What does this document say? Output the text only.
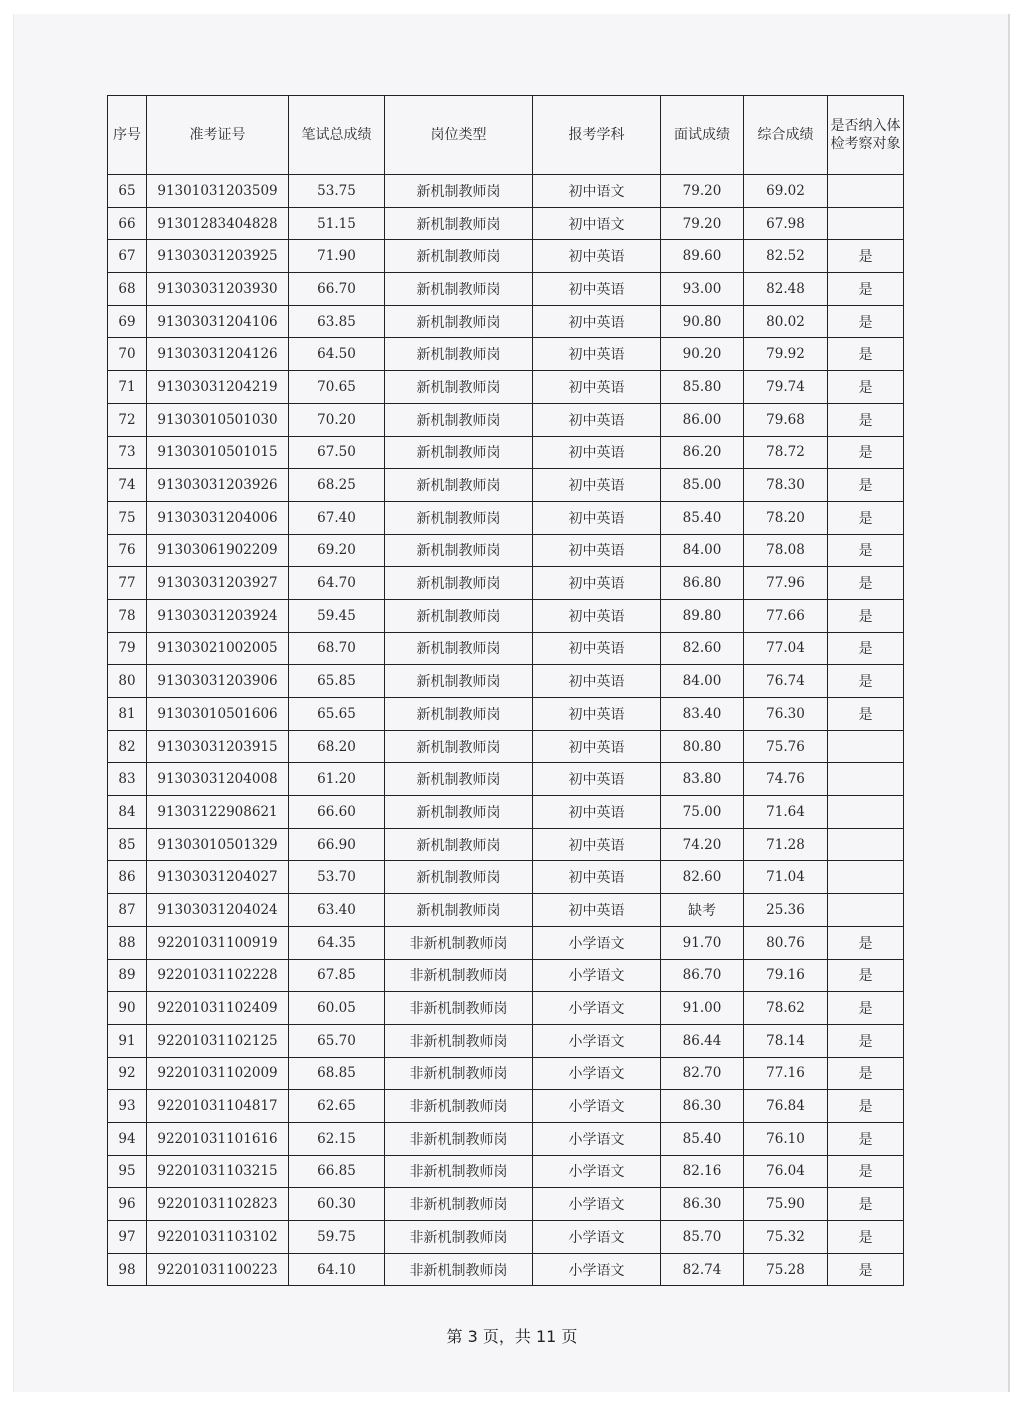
序号	准考证号	笔试总成绩	岗位类型	报考学科	面试成绩	综合成绩	是否纳入体检考察对象
65	91301031203509	53.75	新机制教师岗	初中语文	79.20	69.02	
66	91301283404828	51.15	新机制教师岗	初中语文	79.20	67.98	
67	91303031203925	71.90	新机制教师岗	初中英语	89.60	82.52	是
68	91303031203930	66.70	新机制教师岗	初中英语	93.00	82.48	是
69	91303031204106	63.85	新机制教师岗	初中英语	90.80	80.02	是
70	91303031204126	64.50	新机制教师岗	初中英语	90.20	79.92	是
71	91303031204219	70.65	新机制教师岗	初中英语	85.80	79.74	是
72	91303010501030	70.20	新机制教师岗	初中英语	86.00	79.68	是
73	91303010501015	67.50	新机制教师岗	初中英语	86.20	78.72	是
74	91303031203926	68.25	新机制教师岗	初中英语	85.00	78.30	是
75	91303031204006	67.40	新机制教师岗	初中英语	85.40	78.20	是
76	91303061902209	69.20	新机制教师岗	初中英语	84.00	78.08	是
77	91303031203927	64.70	新机制教师岗	初中英语	86.80	77.96	是
78	91303031203924	59.45	新机制教师岗	初中英语	89.80	77.66	是
79	91303021002005	68.70	新机制教师岗	初中英语	82.60	77.04	是
80	91303031203906	65.85	新机制教师岗	初中英语	84.00	76.74	是
81	91303010501606	65.65	新机制教师岗	初中英语	83.40	76.30	是
82	91303031203915	68.20	新机制教师岗	初中英语	80.80	75.76	
83	91303031204008	61.20	新机制教师岗	初中英语	83.80	74.76	
84	91303122908621	66.60	新机制教师岗	初中英语	75.00	71.64	
85	91303010501329	66.90	新机制教师岗	初中英语	74.20	71.28	
86	91303031204027	53.70	新机制教师岗	初中英语	82.60	71.04	
87	91303031204024	63.40	新机制教师岗	初中英语	缺考	25.36	
88	92201031100919	64.35	非新机制教师岗	小学语文	91.70	80.76	是
89	92201031102228	67.85	非新机制教师岗	小学语文	86.70	79.16	是
90	92201031102409	60.05	非新机制教师岗	小学语文	91.00	78.62	是
91	92201031102125	65.70	非新机制教师岗	小学语文	86.44	78.14	是
92	92201031102009	68.85	非新机制教师岗	小学语文	82.70	77.16	是
93	92201031104817	62.65	非新机制教师岗	小学语文	86.30	76.84	是
94	92201031101616	62.15	非新机制教师岗	小学语文	85.40	76.10	是
95	92201031103215	66.85	非新机制教师岗	小学语文	82.16	76.04	是
96	92201031102823	60.30	非新机制教师岗	小学语文	86.30	75.90	是
97	92201031103102	59.75	非新机制教师岗	小学语文	85.70	75.32	是
98	92201031100223	64.10	非新机制教师岗	小学语文	82.74	75.28	是
第 3 页，共 11 页
